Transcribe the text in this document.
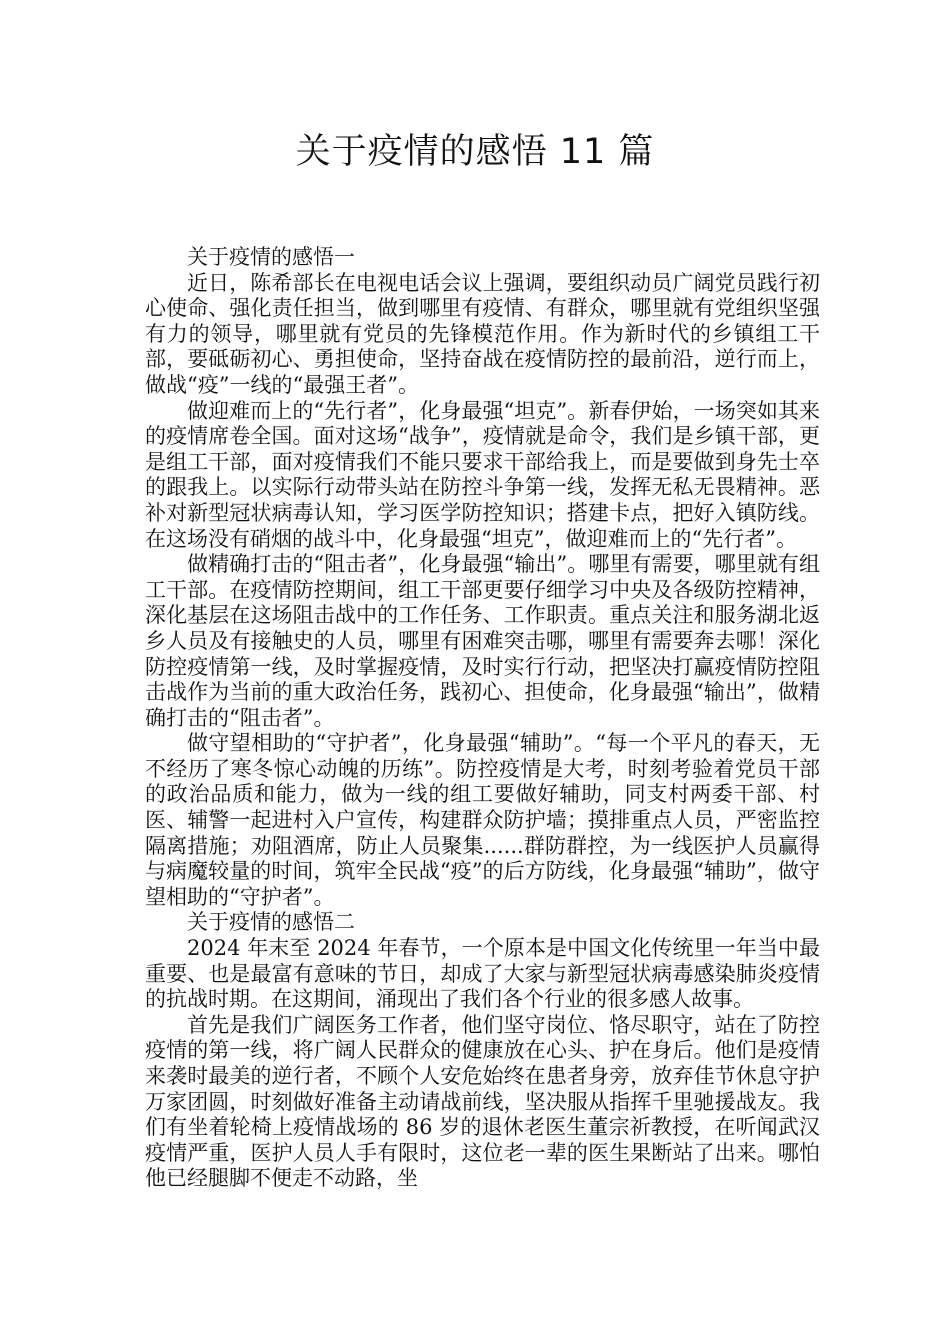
关于疫情的感悟 11 篇

关于疫情的感悟一

近日，陈希部长在电视电话会议上强调，要组织动员广阔党员践行初心使命、强化责任担当，做到哪里有疫情、有群众，哪里就有党组织坚强有力的领导，哪里就有党员的先锋模范作用。作为新时代的乡镇组工干部，要砥砺初心、勇担使命，坚持奋战在疫情防控的最前沿，逆行而上，做战“疫”一线的“最强王者”。

做迎难而上的“先行者”，化身最强“坦克”。新春伊始，一场突如其来的疫情席卷全国。面对这场“战争”，疫情就是命令，我们是乡镇干部，更是组工干部，面对疫情我们不能只要求干部给我上，而是要做到身先士卒的跟我上。以实际行动带头站在防控斗争第一线，发挥无私无畏精神。恶补对新型冠状病毒认知，学习医学防控知识；搭建卡点，把好入镇防线。在这场没有硝烟的战斗中，化身最强“坦克”，做迎难而上的“先行者”。

做精确打击的“阻击者”，化身最强“输出”。哪里有需要，哪里就有组工干部。在疫情防控期间，组工干部更要仔细学习中央及各级防控精神，深化基层在这场阻击战中的工作任务、工作职责。重点关注和服务湖北返乡人员及有接触史的人员，哪里有困难突击哪，哪里有需要奔去哪！深化防控疫情第一线，及时掌握疫情，及时实行行动，把坚决打赢疫情防控阻击战作为当前的重大政治任务，践初心、担使命，化身最强“输出”，做精确打击的“阻击者”。

做守望相助的“守护者”，化身最强“辅助”。“每一个平凡的春天，无不经历了寒冬惊心动魄的历练”。防控疫情是大考，时刻考验着党员干部的政治品质和能力，做为一线的组工要做好辅助，同支村两委干部、村医、辅警一起进村入户宣传，构建群众防护墙；摸排重点人员，严密监控隔离措施；劝阻酒席，防止人员聚集......群防群控，为一线医护人员赢得与病魔较量的时间，筑牢全民战“疫”的后方防线，化身最强“辅助”，做守望相助的“守护者”。

关于疫情的感悟二

2024 年末至 2024 年春节，一个原本是中国文化传统里一年当中最重要、也是最富有意味的节日，却成了大家与新型冠状病毒感染肺炎疫情的抗战时期。在这期间，涌现出了我们各个行业的很多感人故事。

首先是我们广阔医务工作者，他们坚守岗位、恪尽职守，站在了防控疫情的第一线，将广阔人民群众的健康放在心头、护在身后。他们是疫情来袭时最美的逆行者，不顾个人安危始终在患者身旁，放弃佳节休息守护万家团圆，时刻做好准备主动请战前线，坚决服从指挥千里驰援战友。我们有坐着轮椅上疫情战场的 86 岁的退休老医生董宗祈教授，在听闻武汉疫情严重，医护人员人手有限时，这位老一辈的医生果断站了出来。哪怕他已经腿脚不便走不动路，坐
